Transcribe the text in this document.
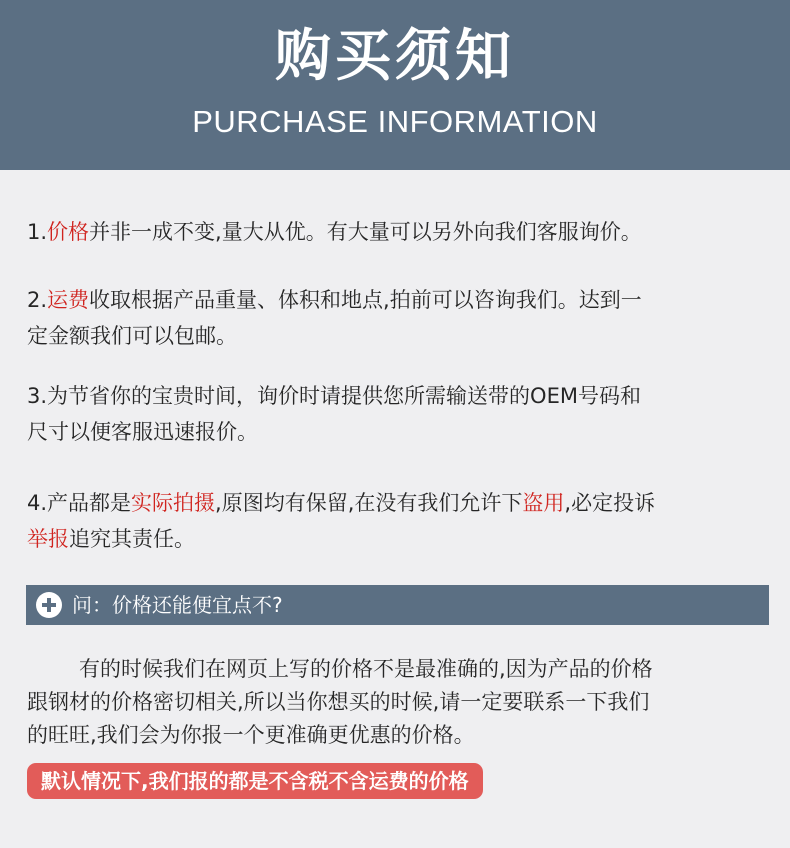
购买须知
PURCHASE INFORMATION

1.价格并非一成不变,量大从优。有大量可以另外向我们客服询价。

2.运费收取根据产品重量、体积和地点,拍前可以咨询我们。达到一
定金额我们可以包邮。

3.为节省你的宝贵时间，询价时请提供您所需输送带的OEM号码和
尺寸以便客服迅速报价。

4.产品都是实际拍摄,原图均有保留,在没有我们允许下盗用,必定投诉
举报追究其责任。

问：价格还能便宜点不?

有的时候我们在网页上写的价格不是最准确的,因为产品的价格
跟钢材的价格密切相关,所以当你想买的时候,请一定要联系一下我们
的旺旺,我们会为你报一个更准确更优惠的价格。

默认情况下,我们报的都是不含税不含运费的价格
